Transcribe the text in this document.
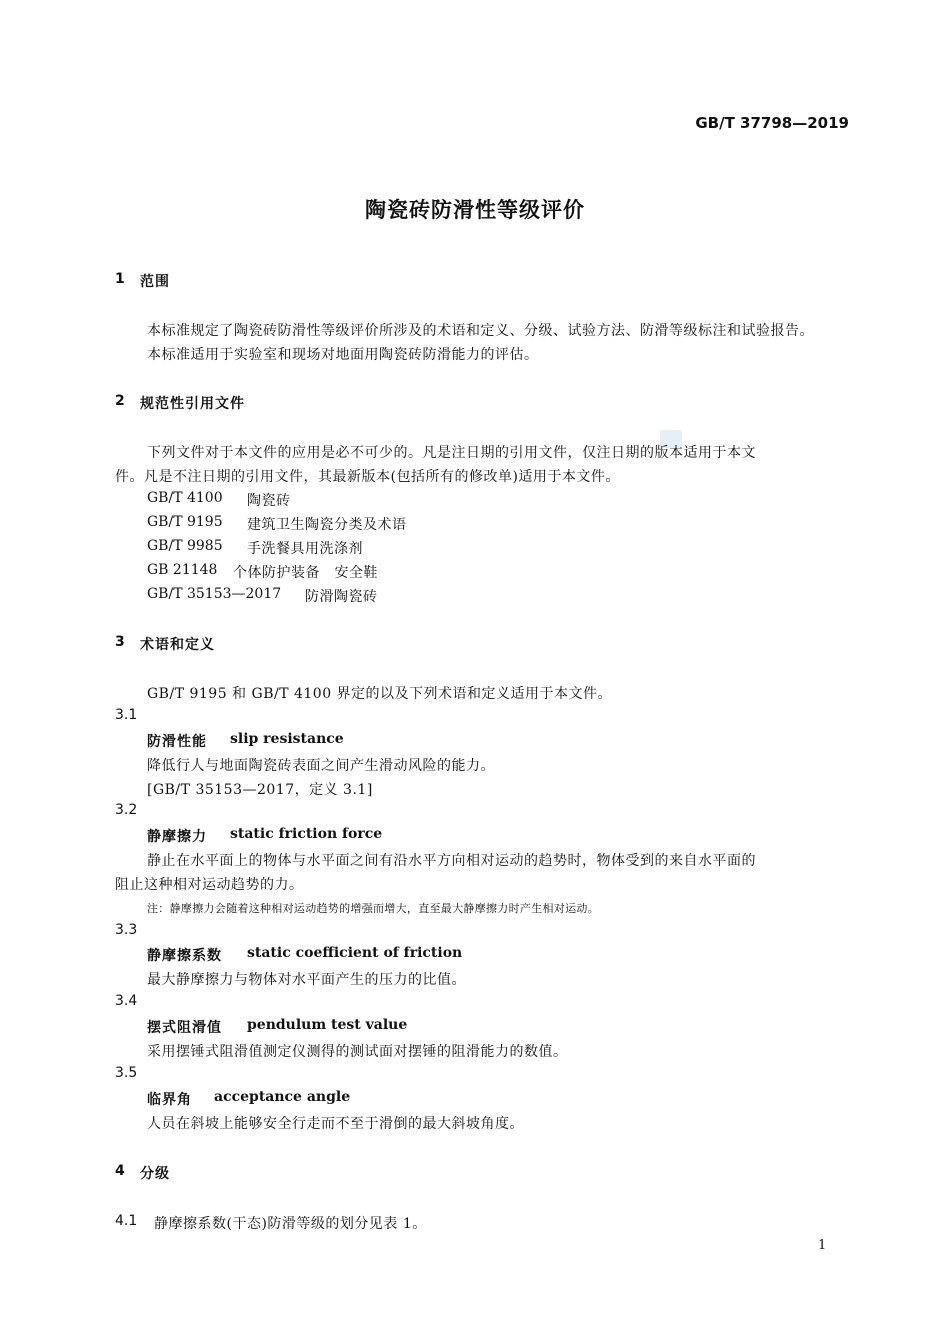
GB/T 37798—2019
陶瓷砖防滑性等级评价
1 范围
本标准规定了陶瓷砖防滑性等级评价所涉及的术语和定义、分级、试验方法、防滑等级标注和试验报告。
本标准适用于实验室和现场对地面用陶瓷砖防滑能力的评估。
2 规范性引用文件
下列文件对于本文件的应用是必不可少的。凡是注日期的引用文件，仅注日期的版本适用于本文
件。凡是不注日期的引用文件，其最新版本(包括所有的修改单)适用于本文件。
GB/T 4100 陶瓷砖
GB/T 9195 建筑卫生陶瓷分类及术语
GB/T 9985 手洗餐具用洗涤剂
GB 21148 个体防护装备　安全鞋
GB/T 35153—2017 防滑陶瓷砖
3 术语和定义
GB/T 9195 和 GB/T 4100 界定的以及下列术语和定义适用于本文件。
3.1
防滑性能 slip resistance
降低行人与地面陶瓷砖表面之间产生滑动风险的能力。
[GB/T 35153—2017，定义 3.1]
3.2
静摩擦力 static friction force
静止在水平面上的物体与水平面之间有沿水平方向相对运动的趋势时，物体受到的来自水平面的
阻止这种相对运动趋势的力。
注：静摩擦力会随着这种相对运动趋势的增强而增大，直至最大静摩擦力时产生相对运动。
3.3
静摩擦系数 static coefficient of friction
最大静摩擦力与物体对水平面产生的压力的比值。
3.4
摆式阻滑值 pendulum test value
采用摆锤式阻滑值测定仪测得的测试面对摆锤的阻滑能力的数值。
3.5
临界角 acceptance angle
人员在斜坡上能够安全行走而不至于滑倒的最大斜坡角度。
4 分级
4.1 静摩擦系数(干态)防滑等级的划分见表 1。
1
